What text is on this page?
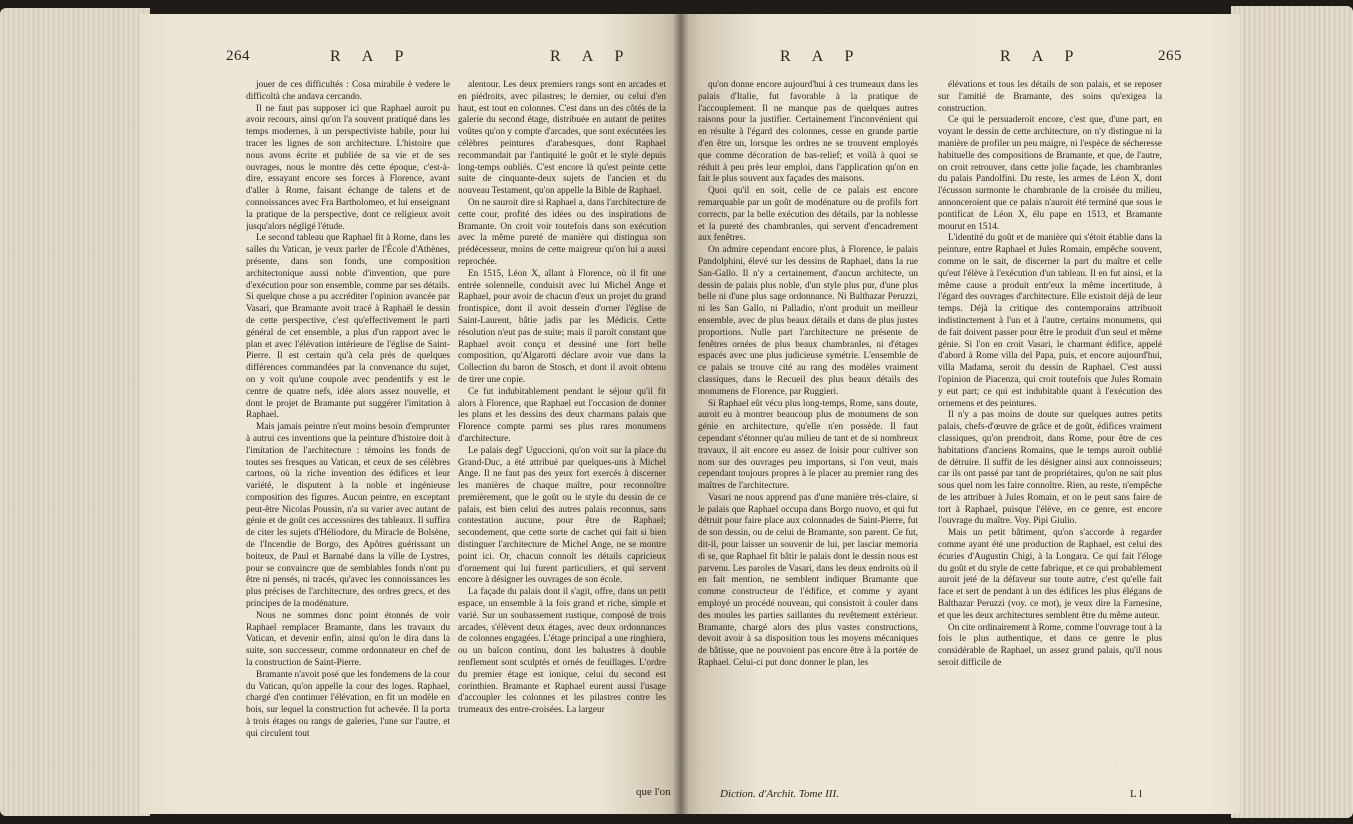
264	R A P	R A P

jouer de ces difficultés : Cosa mirabile è vedere le difficoltà che andava cercando.

Il ne faut pas supposer ici que Raphael auroit pu avoir recours, ainsi qu'on l'a souvent pratiqué dans les temps modernes, à un perspectiviste habile, pour lui tracer les lignes de son architecture. L'histoire que nous avons écrite et publiée de sa vie et de ses ouvrages, nous le montre dès cette époque, c'est-à-dire, essayant encore ses forces à Florence, avant d'aller à Rome, faisant échange de talens et de connoissances avec Fra Bartholomeo, et lui enseignant la pratique de la perspective, dont ce religieux avoit jusqu'alors négligé l'étude.

Le second tableau que Raphael fit à Rome, dans les salles du Vatican, je veux parler de l'École d'Athènes, présente, dans son fonds, une composition architectonique aussi noble d'invention, que pure d'exécution pour son ensemble, comme par ses détails. Si quelque chose a pu accréditer l'opinion avancée par Vasari, que Bramante avoit tracé à Raphaël le dessin de cette perspective, c'est qu'effectivement le parti général de cet ensemble, a plus d'un rapport avec le plan et avec l'élévation intérieure de l'église de Saint-Pierre. Il est certain qu'à cela près de quelques différences commandées par la convenance du sujet, on y voit qu'une coupole avec pendentifs y est le centre de quatre nefs, idée alors assez nouvelle, et dont le projet de Bramante put suggérer l'imitation à Raphael.

Mais jamais peintre n'eut moins besoin d'emprunter à autrui ces inventions que la peinture d'histoire doit à l'imitation de l'architecture : témoins les fonds de toutes ses fresques au Vatican, et ceux de ses célèbres cartons, où la riche invention des édifices et leur variété, le disputent à la noble et ingénieuse composition des figures. Aucun peintre, en exceptant peut-être Nicolas Poussin, n'a su varier avec autant de génie et de goût ces accessoires des tableaux. Il suffira de citer les sujets d'Héliodore, du Miracle de Bolsène, de l'Incendie de Borgo, des Apôtres guérissant un boiteux, de Paul et Barnabé dans la ville de Lystres, pour se convaincre que de semblables fonds n'ont pu être ni pensés, ni tracés, qu'avec les connoissances les plus précises de l'architecture, des ordres grecs, et des principes de la modénature.

Nous ne sommes donc point étonnés de voir Raphael remplacer Bramante, dans les travaux du Vatican, et devenir enfin, ainsi qu'on le dira dans la suite, son successeur, comme ordonnateur en chef de la construction de Saint-Pierre.

Bramante n'avoit posé que les fondemens de la cour du Vatican, qu'on appelle la cour des loges. Raphael, chargé d'en continuer l'élévation, en fit un modèle en bois, sur lequel la construction fut achevée. Il la porta à trois étages ou rangs de galeries, l'une sur l'autre, et qui circulent tout

alentour. Les deux premiers rangs sont en arcades et en piédroits, avec pilastres; le dernier, ou celui d'en haut, est tout en colonnes. C'est dans un des côtés de la galerie du second étage, distribuée en autant de petites voûtes qu'on y compte d'arcades, que sont exécutées les célèbres peintures d'arabesques, dont Raphael recommandait par l'antiquité le goût et le style depuis long-temps oubliés. C'est encore là qu'est peinte cette suite de cinquante-deux sujets de l'ancien et du nouveau Testament, qu'on appelle la Bible de Raphael.

On ne sauroit dire si Raphael a, dans l'architecture de cette cour, profité des idées ou des inspirations de Bramante. On croit voir toutefois dans son exécution avec la même pureté de manière qui distingua son prédécesseur, moins de cette maigreur qu'on lui a aussi reprochée.

En 1515, Léon X, allant à Florence, où il fit une entrée solennelle, conduisit avec lui Michel Ange et Raphael, pour avoir de chacun d'eux un projet du grand frontispice, dont il avoit dessein d'orner l'église de Saint-Laurent, bâtie jadis par les Médicis. Cette résolution n'eut pas de suite; mais il paroît constant que Raphael avoit conçu et dessiné une fort belle composition, qu'Algarotti déclare avoir vue dans la Collection du baron de Stosch, et dont il avoit obtenu de tirer une copie.

Ce fut indubitablement pendant le séjour qu'il fit alors à Florence, que Raphael eut l'occasion de donner les plans et les dessins des deux charmans palais que Florence compte parmi ses plus rares monumens d'architecture.

Le palais degl' Uguccioni, qu'on voit sur la place du Grand-Duc, a été attribué par quelques-uns à Michel Ange. Il ne faut pas des yeux fort exercés à discerner les manières de chaque maître, pour reconnoître premièrement, que le goût ou le style du dessin de ce palais, est bien celui des autres palais reconnus, sans contestation aucune, pour être de Raphael; secondement, que cette sorte de cachet qui fait si bien distinguer l'architecture de Michel Ange, ne se montre point ici. Or, chacun connoît les détails capricieux d'ornement qui lui furent particuliers, et qui servent encore à désigner les ouvrages de son école.

La façade du palais dont il s'agit, offre, dans un petit espace, un ensemble à la fois grand et riche, simple et varié. Sur un soubassement rustique, composé de trois arcades, s'élèvent deux étages, avec deux ordonnances de colonnes engagées. L'étage principal a une ringhiera, ou un balcon continu, dont les balustres à double renflement sont sculptés et ornés de feuillages. L'ordre du premier étage est ionique, celui du second est corinthien. Bramante et Raphael eurent aussi l'usage d'accoupler les colonnes et les pilastres contre les trumeaux des entre-croisées. La largeur

que l'on
R A P	R A P	265

qu'on donne encore aujourd'hui à ces trumeaux dans les palais d'Italie, fut favorable à la pratique de l'accouplement. Il ne manque pas de quelques autres raisons pour la justifier. Certainement l'inconvénient qui en résulte à l'égard des colonnes, cesse en grande partie d'en être un, lorsque les ordres ne se trouvent employés que comme décoration de bas-relief; et voilà à quoi se réduit à peu près leur emploi, dans l'application qu'on en fait le plus souvent aux façades des maisons.

Quoi qu'il en soit, celle de ce palais est encore remarquable par un goût de modénature ou de profils fort corrects, par la belle exécution des détails, par la noblesse et la pureté des chambranles, qui servent d'encadrement aux fenêtres.

On admire cependant encore plus, à Florence, le palais Pandolphini, élevé sur les dessins de Raphael, dans la rue San-Gallo. Il n'y a certainement, d'aucun architecte, un dessin de palais plus noble, d'un style plus pur, d'une plus belle ni d'une plus sage ordonnance. Ni Balthazar Peruzzi, ni les San Gallo, ni Palladio, n'ont produit un meilleur ensemble, avec de plus beaux détails et dans de plus justes proportions. Nulle part l'architecture ne présente de fenêtres ornées de plus beaux chambranles, ni d'étages espacés avec une plus judicieuse symétrie. L'ensemble de ce palais se trouve cité au rang des modèles vraiment classiques, dans le Recueil des plus beaux détails des monumens de Florence, par Ruggieri.

Si Raphael eût vécu plus long-temps, Rome, sans doute, auroit eu à montrer beaucoup plus de monumens de son génie en architecture, qu'elle n'en possède. Il faut cependant s'étonner qu'au milieu de tant et de si nombreux travaux, il ait encore eu assez de loisir pour cultiver son nom sur des ouvrages peu importans, si l'on veut, mais cependant toujours propres à le placer au premier rang des maîtres de l'architecture.

Vasari ne nous apprend pas d'une manière très-claire, si le palais que Raphael occupa dans Borgo nuovo, et qui fut détruit pour faire place aux colonnades de Saint-Pierre, fut de son dessin, ou de celui de Bramante, son parent. Ce fut, dit-il, pour laisser un souvenir de lui, per lasciar memoria di se, que Raphael fit bâtir le palais dont le dessin nous est parvenu. Les paroles de Vasari, dans les deux endroits où il en fait mention, ne semblent indiquer Bramante que comme constructeur de l'édifice, et comme y ayant employé un procédé nouveau, qui consistoit à couler dans des moules les parties saillantes du revêtement extérieur. Bramante, chargé alors des plus vastes constructions, devoit avoir à sa disposition tous les moyens mécaniques de bâtisse, que ne pouvoient pas encore être à la portée de Raphael. Celui-ci put donc donner le plan, les

élévations et tous les détails de son palais, et se reposer sur l'amitié de Bramante, des soins qu'exigea la construction.

Ce qui le persuaderoit encore, c'est que, d'une part, en voyant le dessin de cette architecture, on n'y distingue ni la manière de profiler un peu maigre, ni l'espèce de sécheresse habituelle des compositions de Bramante, et que, de l'autre, on croit retrouver, dans cette jolie façade, les chambranles du palais Pandolfini. Du reste, les armes de Léon X, dont l'écusson surmonte le chambranle de la croisée du milieu, annonceroient que ce palais n'auroit été terminé que sous le pontificat de Léon X, élu pape en 1513, et Bramante mourut en 1514.

L'identité du goût et de manière qui s'étoit établie dans la peinture, entre Raphael et Jules Romain, empêche souvent, comme on le sait, de discerner la part du maître et celle qu'eut l'élève à l'exécution d'un tableau. Il en fut ainsi, et la même cause a produit entr'eux la même incertitude, à l'égard des ouvrages d'architecture. Elle existoit déjà de leur temps. Déjà la critique des contemporains attribuoit indistinctement à l'un et à l'autre, certains monumens, qui de fait doivent passer pour être le produit d'un seul et même génie. Si l'on en croit Vasari, le charmant édifice, appelé d'abord à Rome villa del Papa, puis, et encore aujourd'hui, villa Madama, seroit du dessin de Raphael. C'est aussi l'opinion de Piacenza, qui croit toutefois que Jules Romain y eut part; ce qui est indubitable quant à l'exécution des ornemens et des peintures.

Il n'y a pas moins de doute sur quelques autres petits palais, chefs-d'œuvre de grâce et de goût, édifices vraiment classiques, qu'on prendroit, dans Rome, pour être de ces habitations d'anciens Romains, que le temps auroit oublié de détruire. Il suffit de les désigner ainsi aux connoisseurs; car ils ont passé par tant de propriétaires, qu'on ne sait plus sous quel nom les faire connoître. Rien, au reste, n'empêche de les attribuer à Jules Romain, et on le peut sans faire de tort à Raphael, puisque l'élève, en ce genre, est encore l'ouvrage du maître. Voy. Pipi Giulio.

Mais un petit bâtiment, qu'on s'accorde à regarder comme ayant été une production de Raphael, est celui des écuries d'Augustin Chigi, à la Longara. Ce qui fait l'éloge du goût et du style de cette fabrique, et ce qui probablement auroit jeté de la défaveur sur toute autre, c'est qu'elle fait face et sert de pendant à un des édifices les plus élégans de Balthazar Peruzzi (voy. ce mot), je veux dire la Farnesine, et que les deux architectures semblent être du même auteur.

On cite ordinairement à Rome, comme l'ouvrage tout à la fois le plus authentique, et dans ce genre le plus considérable de Raphael, un assez grand palais, qu'il nous seroit difficile de

Diction. d'Archit. Tome III.	L l
